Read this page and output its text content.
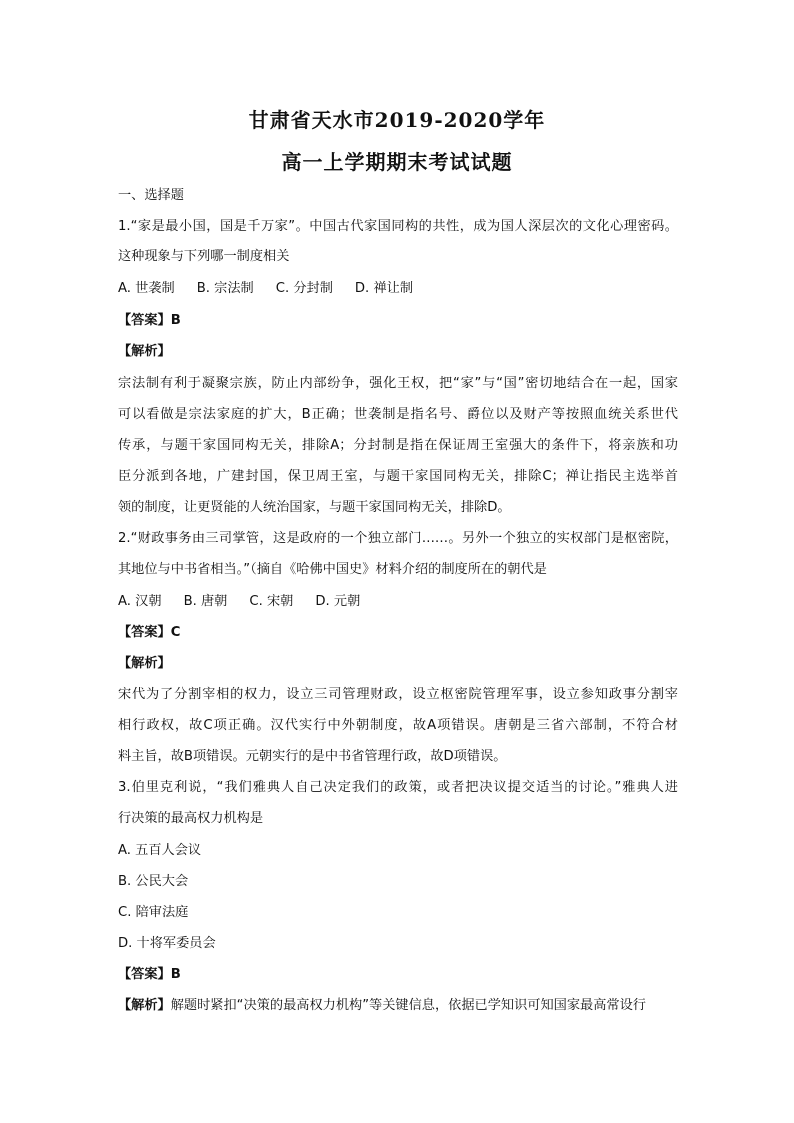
甘肃省天水市2019-2020学年
高一上学期期末考试试题
一、选择题
1.“家是最小国，国是千万家”。中国古代家国同构的共性，成为国人深层次的文化心理密码。
这种现象与下列哪一制度相关
A. 世袭制 B. 宗法制 C. 分封制 D. 禅让制
【答案】B
【解析】
宗法制有利于凝聚宗族，防止内部纷争，强化王权，把“家”与“国”密切地结合在一起，国家
可以看做是宗法家庭的扩大，B正确；世袭制是指名号、爵位以及财产等按照血统关系世代
传承，与题干家国同构无关，排除A；分封制是指在保证周王室强大的条件下，将亲族和功
臣分派到各地，广建封国，保卫周王室，与题干家国同构无关，排除C；禅让指民主选举首
领的制度，让更贤能的人统治国家，与题干家国同构无关，排除D。
2.“财政事务由三司掌管，这是政府的一个独立部门……。另外一个独立的实权部门是枢密院，
其地位与中书省相当。”（摘自《哈佛中国史》材料介绍的制度所在的朝代是
A. 汉朝 B. 唐朝 C. 宋朝 D. 元朝
【答案】C
【解析】
宋代为了分割宰相的权力，设立三司管理财政，设立枢密院管理军事，设立参知政事分割宰
相行政权，故C项正确。汉代实行中外朝制度，故A项错误。唐朝是三省六部制，不符合材
料主旨，故B项错误。元朝实行的是中书省管理行政，故D项错误。
3.伯里克利说，“我们雅典人自己决定我们的政策，或者把决议提交适当的讨论。”雅典人进
行决策的最高权力机构是
A. 五百人会议
B. 公民大会
C. 陪审法庭
D. 十将军委员会
【答案】B
【解析】解题时紧扣“决策的最高权力机构”等关键信息，依据已学知识可知国家最高常设行
